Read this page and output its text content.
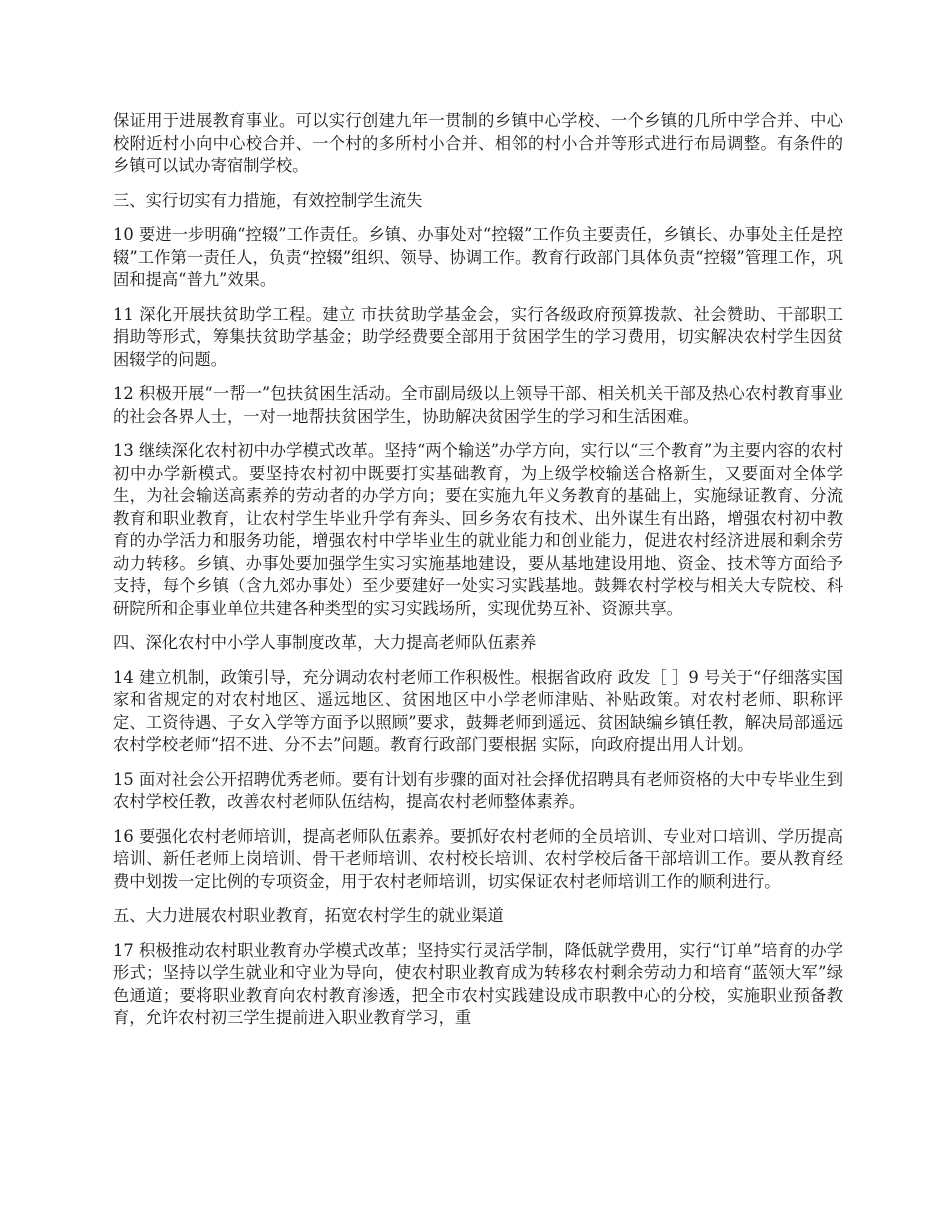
保证用于进展教育事业。可以实行创建九年一贯制的乡镇中心学校、一个乡镇的几所中学合并、中心校附近村小向中心校合并、一个村的多所村小合并、相邻的村小合并等形式进行布局调整。有条件的乡镇可以试办寄宿制学校。

三、实行切实有力措施，有效控制学生流失

10 要进一步明确“控辍”工作责任。乡镇、办事处对“控辍”工作负主要责任，乡镇长、办事处主任是控辍”工作第一责任人，负责“控辍”组织、领导、协调工作。教育行政部门具体负责“控辍”管理工作，巩固和提高“普九”效果。

11 深化开展扶贫助学工程。建立 市扶贫助学基金会，实行各级政府预算拨款、社会赞助、干部职工捐助等形式，筹集扶贫助学基金；助学经费要全部用于贫困学生的学习费用，切实解决农村学生因贫困辍学的问题。

12 积极开展“一帮一”包扶贫困生活动。全市副局级以上领导干部、相关机关干部及热心农村教育事业的社会各界人士，一对一地帮扶贫困学生，协助解决贫困学生的学习和生活困难。

13 继续深化农村初中办学模式改革。坚持“两个输送”办学方向，实行以“三个教育”为主要内容的农村初中办学新模式。要坚持农村初中既要打实基础教育，为上级学校输送合格新生，又要面对全体学生，为社会输送高素养的劳动者的办学方向；要在实施九年义务教育的基础上，实施绿证教育、分流教育和职业教育，让农村学生毕业升学有奔头、回乡务农有技术、出外谋生有出路，增强农村初中教育的办学活力和服务功能，增强农村中学毕业生的就业能力和创业能力，促进农村经济进展和剩余劳动力转移。乡镇、办事处要加强学生实习实施基地建设，要从基地建设用地、资金、技术等方面给予支持，每个乡镇（含九郊办事处）至少要建好一处实习实践基地。鼓舞农村学校与相关大专院校、科研院所和企事业单位共建各种类型的实习实践场所，实现优势互补、资源共享。

四、深化农村中小学人事制度改革，大力提高老师队伍素养

14 建立机制，政策引导，充分调动农村老师工作积极性。根据省政府 政发［ ］9 号关于“仔细落实国家和省规定的对农村地区、遥远地区、贫困地区中小学老师津贴、补贴政策。对农村老师、职称评定、工资待遇、子女入学等方面予以照顾”要求，鼓舞老师到遥远、贫困缺编乡镇任教，解决局部遥远农村学校老师“招不进、分不去”问题。教育行政部门要根据 实际，向政府提出用人计划。

15 面对社会公开招聘优秀老师。要有计划有步骤的面对社会择优招聘具有老师资格的大中专毕业生到农村学校任教，改善农村老师队伍结构，提高农村老师整体素养。

16 要强化农村老师培训，提高老师队伍素养。要抓好农村老师的全员培训、专业对口培训、学历提高培训、新任老师上岗培训、骨干老师培训、农村校长培训、农村学校后备干部培训工作。要从教育经费中划拨一定比例的专项资金，用于农村老师培训，切实保证农村老师培训工作的顺利进行。

五、大力进展农村职业教育，拓宽农村学生的就业渠道

17 积极推动农村职业教育办学模式改革；坚持实行灵活学制，降低就学费用，实行“订单”培育的办学形式；坚持以学生就业和守业为导向，使农村职业教育成为转移农村剩余劳动力和培育“蓝领大军”绿色通道；要将职业教育向农村教育渗透，把全市农村实践建设成市职教中心的分校，实施职业预备教育，允许农村初三学生提前进入职业教育学习，重
